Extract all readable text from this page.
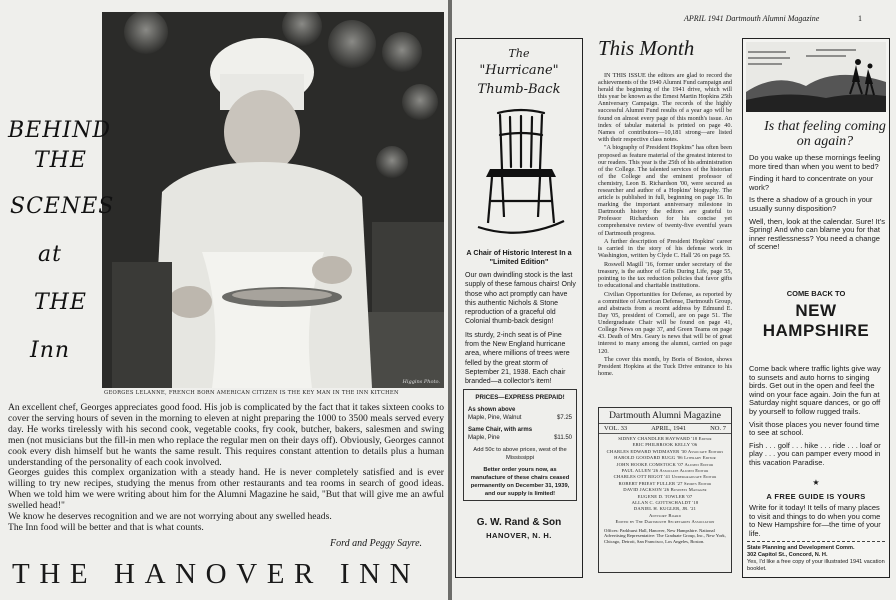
Higgins Photo.
GEORGES LELANNE, FRENCH BORN AMERICAN CITIZEN IS THE KEY MAN IN THE INN KITCHEN
BEHIND
THE
SCENES
at
THE
Inn

An excellent chef, Georges appreciates good food. His job is complicated by the fact that it takes sixteen cooks to cover the serving hours of seven in the morning to eleven at night preparing the 1000 to 3500 meals served every day. He works tirelessly with his second cook, vegetable cooks, fry cook, butcher, bakers, salesmen and swing men (not musicians but the fill-in men who replace the regular men on their days off). Obviously, Georges cannot cook every dish himself but he wants the same result. This requires constant attention to details plus a human understanding of the personality of each cook involved.

Georges guides this complex organization with a steady hand. He is never completely satisfied and is ever willing to try new recipes, studying the menus from other restaurants and tea rooms in search of good ideas. When we told him we were writing about him for the Alumni Magazine he said, "But that will give me an awful swelled head!"

We know he deserves recognition and we are not worrying about any swelled heads.

The Inn food will be better and that is what counts.

Ford and Peggy Sayre.
THE HANOVER INN
APRIL 1941 Dartmouth Alumni Magazine	1
The
"Hurricane"
Thumb-Back
A Chair of Historic Interest In a "Limited Edition"

Our own dwindling stock is the last supply of these famous chairs! Only those who act promptly can have this authentic Nichols & Stone reproduction of a graceful old Colonial thumb-back design!

Its sturdy, 2-inch seat is of Pine from the New England hurricane area, where millions of trees were felled by the great storm of September 21, 1938. Each chair branded—a collector's item!

PRICES—EXPRESS PREPAID!
As shown above
Maple, Pine, Walnut	$7.25
Same Chair, with arms
Maple, Pine	$11.50
Add 50c to above prices, west of the Mississippi
Better order yours now, as manufacture of these chairs ceased permanently on December 31, 1939, and our supply is limited!
G. W. Rand & Son
HANOVER, N. H.
This Month

IN THIS ISSUE the editors are glad to record the achievements of the 1940 Alumni Fund campaign and herald the beginning of the 1941 drive, which will this year be known as the Ernest Martin Hopkins 25th Anniversary Campaign. The records of the highly successful Alumni Fund results of a year ago will be found on almost every page of this month's issue. An index of tabular material is printed on page 40. Names of contributors—10,181 strong—are listed with their respective class notes.

"A biography of President Hopkins" has often been proposed as feature material of the greatest interest to our readers. This year is the 25th of his administration of the College. The talented services of the historian of the College and the eminent professor of chemistry, Leon B. Richardson '00, were secured as researcher and author of a Hopkins' biography. The article is published in full, beginning on page 16. In marking the important anniversary milestone in Dartmouth history the editors are grateful to Professor Richardson for his concise yet comprehensive review of twenty-five eventful years of Dartmouth progress.

A further description of President Hopkins' career is carried in the story of his defense work in Washington, written by Clyde C. Hall '26 on page 55.

Roswell Magill '16, former under secretary of the treasury, is the author of Gifts During Life, page 55, pointing to the tax reduction policies that favor gifts to educational and charitable institutions.

Civilian Opportunities for Defense, as reported by a committee of American Defense, Dartmouth Group, and abstracts from a recent address by Edmund E. Day '05, president of Cornell, are on page 51. The Undergraduate Chair will be found on page 41, College News on page 37, and Green Teams on page 43. Death of Mrs. Geary is news that will be of great interest to many among the alumni, carried on page 120.

The cover this month, by Boris of Boston, shows President Hopkins at the Tuck Drive entrance to his home.

Dartmouth Alumni Magazine
VOL. 33	APRIL, 1941	NO. 7
SIDNEY CHANDLER HAYWARD '18 Editor
ERIC PHILBROOK KELLY '06
CHARLES EDWARD WIDMAYER '30 Associate Editors
HAROLD GOODARD RUGG '06 Literary Editor
JOHN HOOKE COMSTOCK '07 Alumni Editor
PAUL ALLEN '26 Associate Alumni Editor
CHARLES OTT BIGOT '41 Undergraduate Editor
ROBERT PRIEST FULLER '27 Sports Editor
DAVID JACKSON '26 Business Manager
EUGENE D. TOWLER '07
ALLAN C. GOTTSCHALDT '18
DANIEL H. KUGLER, JR. '21
Advisory Board
Edited by The Dartmouth Secretaries Association
Offices: Parkhurst Hall, Hanover, New Hampshire. National Advertising Representative: The Graduate Group, Inc., New York, Chicago, Detroit, San Francisco, Los Angeles, Boston.
Is that feeling coming on again?

Do you wake up these mornings feeling more tired than when you went to bed?

Finding it hard to concentrate on your work?

Is there a shadow of a grouch in your usually sunny disposition?

Well, then, look at the calendar. Sure! It's Spring! And who can blame you for that inner restlessness? You need a change of scene!

COME BACK TO
NEW
HAMPSHIRE

Come back where traffic lights give way to sunsets and auto horns to singing birds. Get out in the open and feel the wind on your face again. Join the fun at Saturday night square dances, or go off by yourself to follow rugged trails.

Visit those places you never found time to see at school.

Fish . . . golf . . . hike . . . ride . . . loaf or play . . . you can pamper every mood in this vacation Paradise.

★
A FREE GUIDE IS YOURS
Write for it today! It tells of many places to visit and things to do when you come to New Hampshire for—the time of your life.
State Planning and Development Comm.
302 Capitol St., Concord, N. H.
Yes, I'd like a free copy of your illustrated 1941 vacation booklet.
